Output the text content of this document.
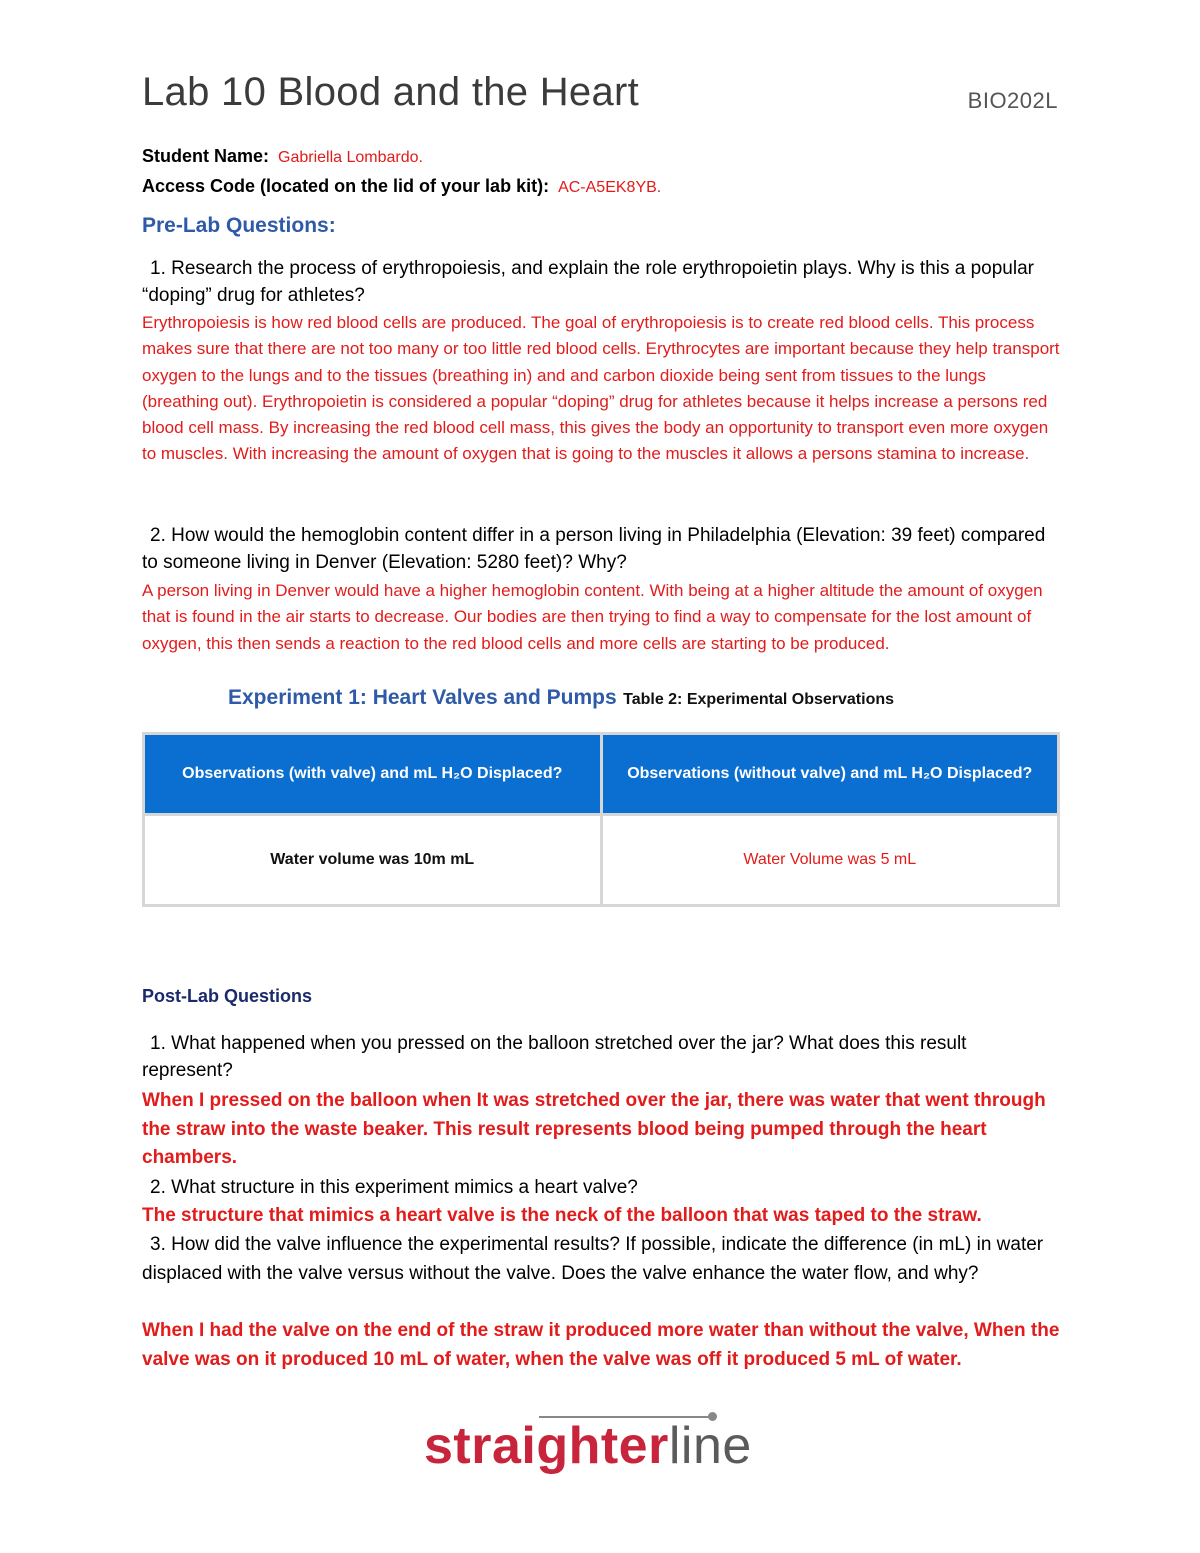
Lab 10 Blood and the Heart	BIO202L
Student Name: Gabriella Lombardo.
Access Code (located on the lid of your lab kit): AC-A5EK8YB.
Pre-Lab Questions:
1. Research the process of erythropoiesis, and explain the role erythropoietin plays. Why is this a popular “doping” drug for athletes?
Erythropoiesis is how red blood cells are produced. The goal of erythropoiesis is to create red blood cells. This process makes sure that there are not too many or too little red blood cells. Erythrocytes are important because they help transport oxygen to the lungs and to the tissues (breathing in) and and carbon dioxide being sent from tissues to the lungs (breathing out). Erythropoietin is considered a popular “doping” drug for athletes because it helps increase a persons red blood cell mass. By increasing the red blood cell mass, this gives the body an opportunity to transport even more oxygen to muscles. With increasing the amount of oxygen that is going to the muscles it allows a persons stamina to increase.
2. How would the hemoglobin content differ in a person living in Philadelphia (Elevation: 39 feet) compared to someone living in Denver (Elevation: 5280 feet)? Why?
A person living in Denver would have a higher hemoglobin content. With being at a higher altitude the amount of oxygen that is found in the air starts to decrease. Our bodies are then trying to find a way to compensate for the lost amount of oxygen, this then sends a reaction to the red blood cells and more cells are starting to be produced.
Experiment 1: Heart Valves and Pumps Table 2: Experimental Observations
Observations (with valve) and mL H₂O Displaced?	Observations (without valve) and mL H₂O Displaced?
Water volume was 10m mL	Water Volume was 5 mL
Post-Lab Questions
1. What happened when you pressed on the balloon stretched over the jar? What does this result represent?
When I pressed on the balloon when It was stretched over the jar, there was water that went through the straw into the waste beaker. This result represents blood being pumped through the heart chambers.
2. What structure in this experiment mimics a heart valve?
The structure that mimics a heart valve is the neck of the balloon that was taped to the straw.
3. How did the valve influence the experimental results? If possible, indicate the difference (in mL) in water displaced with the valve versus without the valve. Does the valve enhance the water flow, and why?
When I had the valve on the end of the straw it produced more water than without the valve, When the valve was on it produced 10 mL of water, when the valve was off it produced 5 mL of water.
straighterline
